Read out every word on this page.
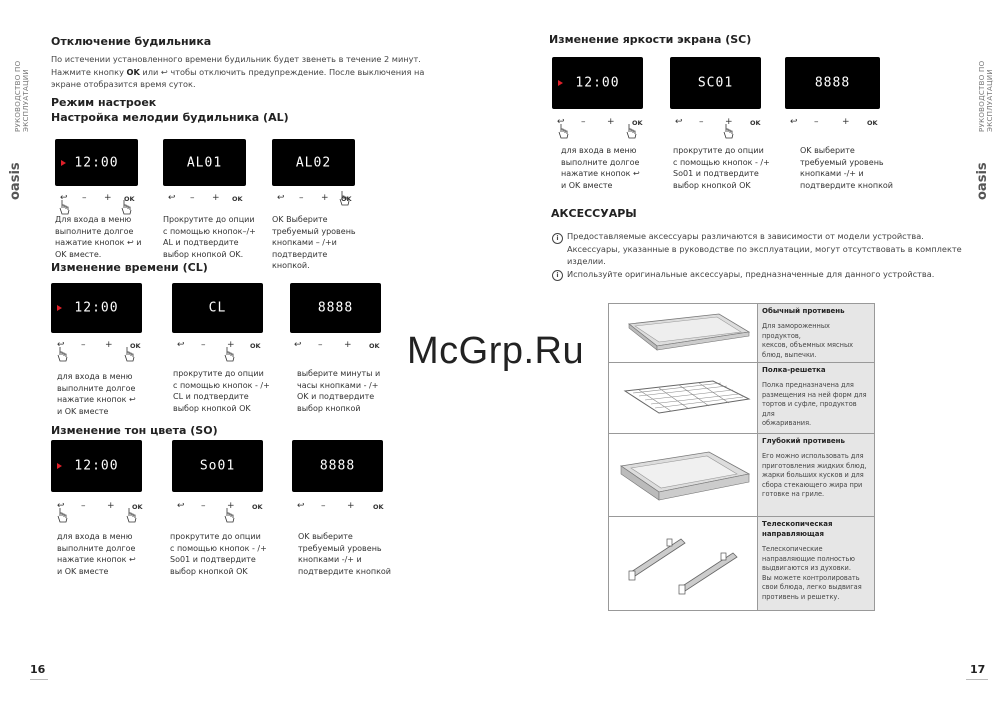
Отключение будильника
По истечении установленного времени будильник будет звенеть в течение 2 минут.
Нажмите кнопку OK или ↩ чтобы отключить предупреждение. После выключения на
экране отобразится время суток.
Режим настроек
Настройка мелодии будильника (AL)
12:00	AL01	AL02
↩ – + OK	↩ – + OK	↩ – + OK
Для входа в меню
выполните долгое
нажатие кнопок ↩ и
OK вместе.
Прокрутите до опции
с помощью кнопок–/+
AL и подтвердите
выбор кнопкой OK.
OK Выберите
требуемый уровень
кнопками – /+и
подтвердите
кнопкой.
Изменение времени (CL)
12:00	CL	8888
↩ – +	OK	↩ – + OK	↩ – +	OK
для входа в меню
выполните долгое
нажатие кнопок ↩
и OK вместе
прокрутите до опции
с помощью кнопок - /+
CL и подтвердите
выбор кнопкой OK
выберите минуты и
часы кнопками - /+
OK и подтвердите
выбор кнопкой
Изменение тон цвета (SO)
12:00	So01	8888
↩ – +	OK	↩ – +	OK	↩ – +	OK
для входа в меню
выполните долгое
нажатие кнопок ↩
и OK вместе
прокрутите до опции
с помощью кнопок - /+
So01 и подтвердите
выбор кнопкой OK
OK выберите
требуемый уровень
кнопками -/+ и
подтвердите кнопкой
16
РУКОВОДСТВО ПО ЭКСПЛУАТАЦИИ
oasis
Изменение яркости экрана (SC)
12:00	SC01	8888
↩ – +	OK	↩ – +	OK	↩ –	+	OK
для входа в меню
выполните долгое
нажатие кнопок ↩
и OK вместе
прокрутите до опции
с помощью кнопок - /+
So01 и подтвердите
выбор кнопкой OK
OK выберите
требуемый уровень
кнопками -/+ и
подтвердите кнопкой
АКСЕССУАРЫ
i	Предоставляемые аксессуары различаются в зависимости от модели устройства.
Аксессуары, указанные в руководстве по эксплуатации, могут отсутствовать в комплекте
изделии.
i	Используйте оригинальные аксессуары, предназначенные для данного устройства.
Обычный противень
Для замороженных продуктов,
кексов, объемных мясных
блюд, выпечки.
Полка-решетка
Полка предназначена для
размещения на ней форм для
тортов и суфле, продуктов для
обжаривания.
Глубокий противень
Его можно использовать для
приготовления жидких блюд,
жарки больших кусков и для
сбора стекающего жира при
готовке на гриле.
Телескопическая направляющая
Телескопические
направляющие полностью
выдвигаются из духовки.
Вы можете контролировать
свои блюда, легко выдвигая
противень и решетку.
17
РУКОВОДСТВО ПО ЭКСПЛУАТАЦИИ
oasis
McGrp.Ru
